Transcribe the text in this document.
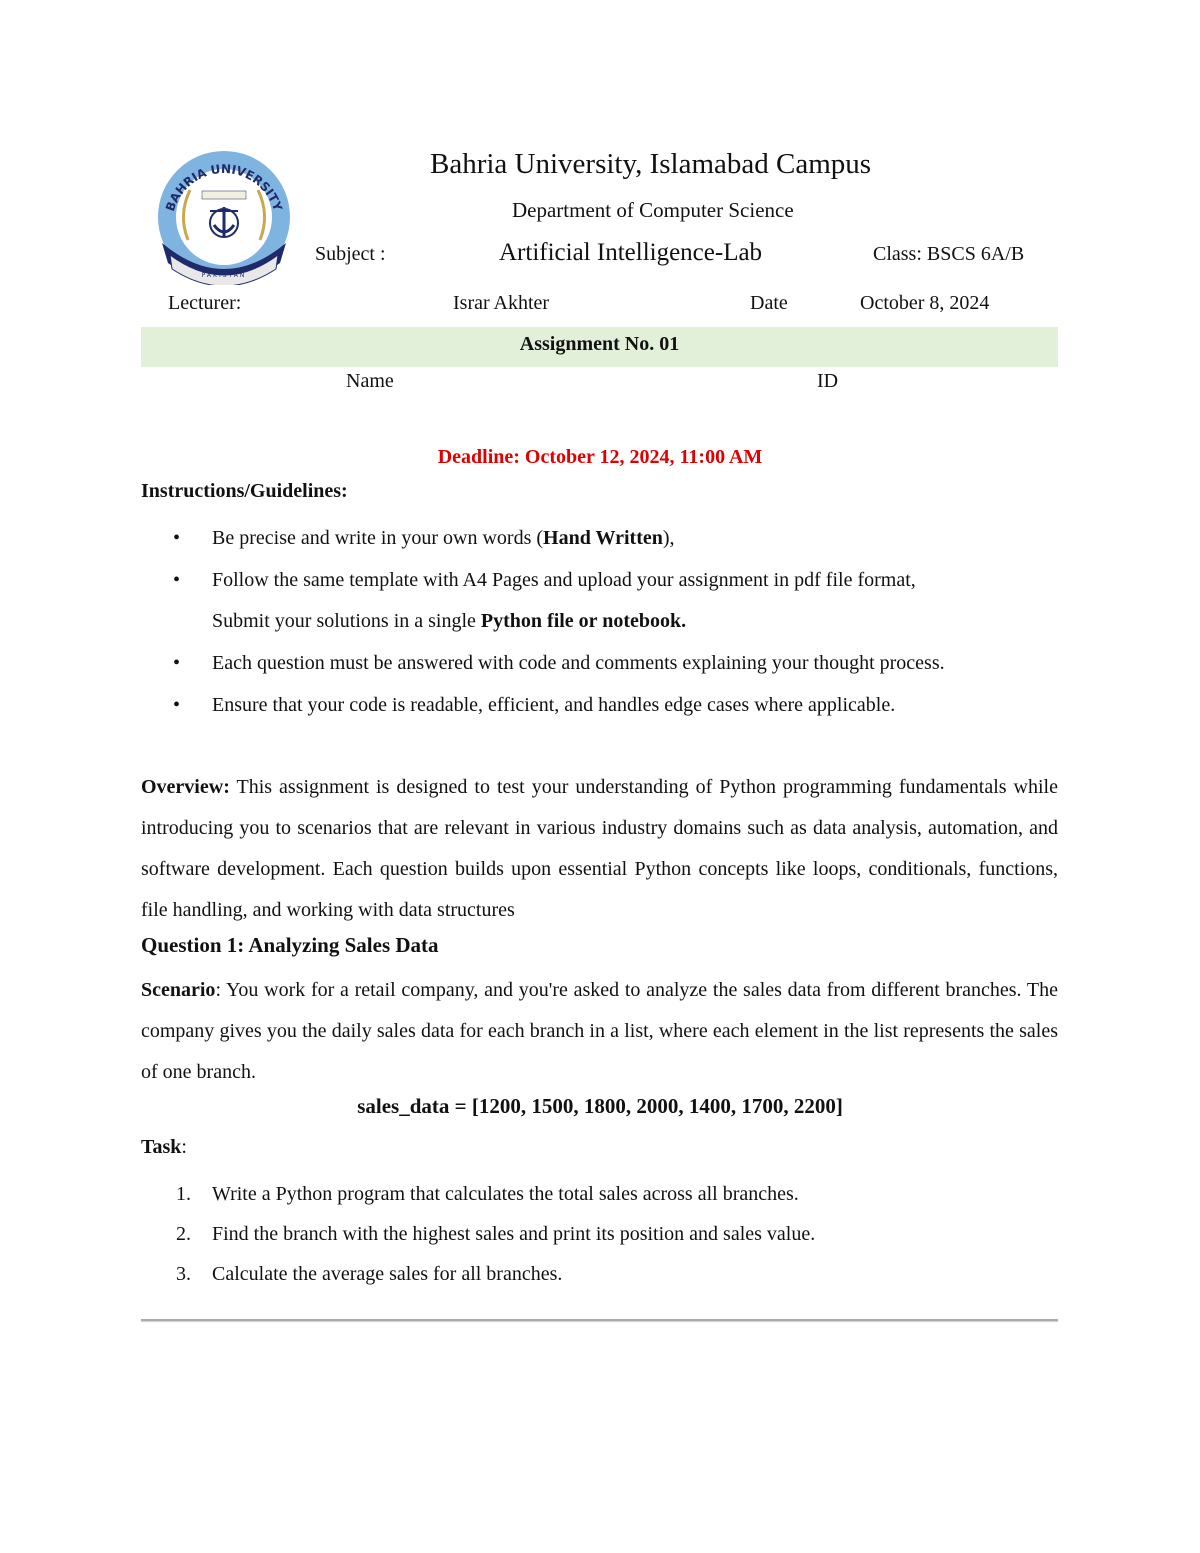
BAHRIA UNIVERSITY
PAKISTAN
Bahria University, Islamabad Campus
Department of Computer Science
Subject :	Artificial Intelligence-Lab	Class: BSCS 6A/B
Lecturer:	Israr Akhter	Date	October 8, 2024
Assignment No. 01
Name	ID
Deadline: October 12, 2024, 11:00 AM
Instructions/Guidelines:
• Be precise and write in your own words (Hand Written),
• Follow the same template with A4 Pages and upload your assignment in pdf file format,
Submit your solutions in a single Python file or notebook.
• Each question must be answered with code and comments explaining your thought process.
• Ensure that your code is readable, efficient, and handles edge cases where applicable.

Overview: This assignment is designed to test your understanding of Python programming fundamentals while introducing you to scenarios that are relevant in various industry domains such as data analysis, automation, and software development. Each question builds upon essential Python concepts like loops, conditionals, functions, file handling, and working with data structures

Question 1: Analyzing Sales Data

Scenario: You work for a retail company, and you're asked to analyze the sales data from different branches. The company gives you the daily sales data for each branch in a list, where each element in the list represents the sales of one branch.

sales_data = [1200, 1500, 1800, 2000, 1400, 1700, 2200]
Task:
1. Write a Python program that calculates the total sales across all branches.
2. Find the branch with the highest sales and print its position and sales value.
3. Calculate the average sales for all branches.
